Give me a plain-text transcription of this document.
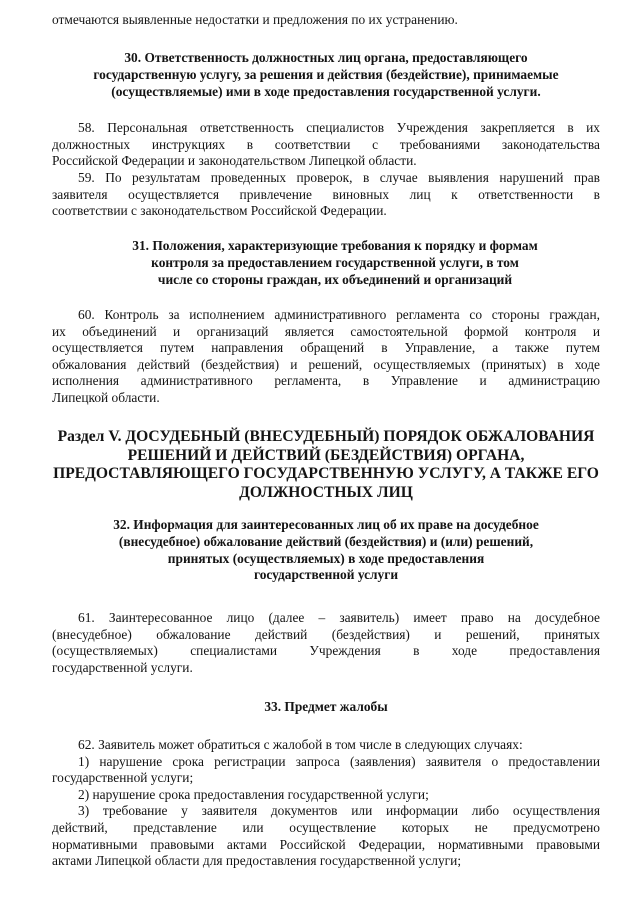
отмечаются выявленные недостатки и предложения по их устранению.
30. Ответственность должностных лиц органа, предоставляющего
государственную услугу, за решения и действия (бездействие), принимаемые
(осуществляемые) ими в ходе предоставления государственной услуги.
58. Персональная ответственность специалистов Учреждения закрепляется в их
должностных инструкциях в соответствии с требованиями законодательства
Российской Федерации и законодательством Липецкой области.
59. По результатам проведенных проверок, в случае выявления нарушений прав
заявителя осуществляется привлечение виновных лиц к ответственности в
соответствии с законодательством Российской Федерации.
31. Положения, характеризующие требования к порядку и формам
контроля за предоставлением государственной услуги, в том
числе со стороны граждан, их объединений и организаций
60. Контроль за исполнением административного регламента со стороны граждан,
их объединений и организаций является самостоятельной формой контроля и
осуществляется путем направления обращений в Управление, а также путем
обжалования действий (бездействия) и решений, осуществляемых (принятых) в ходе
исполнения административного регламента, в Управление и администрацию
Липецкой области.
Раздел V. ДОСУДЕБНЫЙ (ВНЕСУДЕБНЫЙ) ПОРЯДОК ОБЖАЛОВАНИЯ
РЕШЕНИЙ И ДЕЙСТВИЙ (БЕЗДЕЙСТВИЯ) ОРГАНА,
ПРЕДОСТАВЛЯЮЩЕГО ГОСУДАРСТВЕННУЮ УСЛУГУ, А ТАКЖЕ ЕГО
ДОЛЖНОСТНЫХ ЛИЦ
32. Информация для заинтересованных лиц об их праве на досудебное
(внесудебное) обжалование действий (бездействия) и (или) решений,
принятых (осуществляемых) в ходе предоставления
государственной услуги
61. Заинтересованное лицо (далее – заявитель) имеет право на досудебное
(внесудебное) обжалование действий (бездействия) и решений, принятых
(осуществляемых) специалистами Учреждения в ходе предоставления
государственной услуги.
33. Предмет жалобы
62. Заявитель может обратиться с жалобой в том числе в следующих случаях:
1) нарушение срока регистрации запроса (заявления) заявителя о предоставлении
государственной услуги;
2) нарушение срока предоставления государственной услуги;
3) требование у заявителя документов или информации либо осуществления
действий, представление или осуществление которых не предусмотрено
нормативными правовыми актами Российской Федерации, нормативными правовыми
актами Липецкой области для предоставления государственной услуги;
